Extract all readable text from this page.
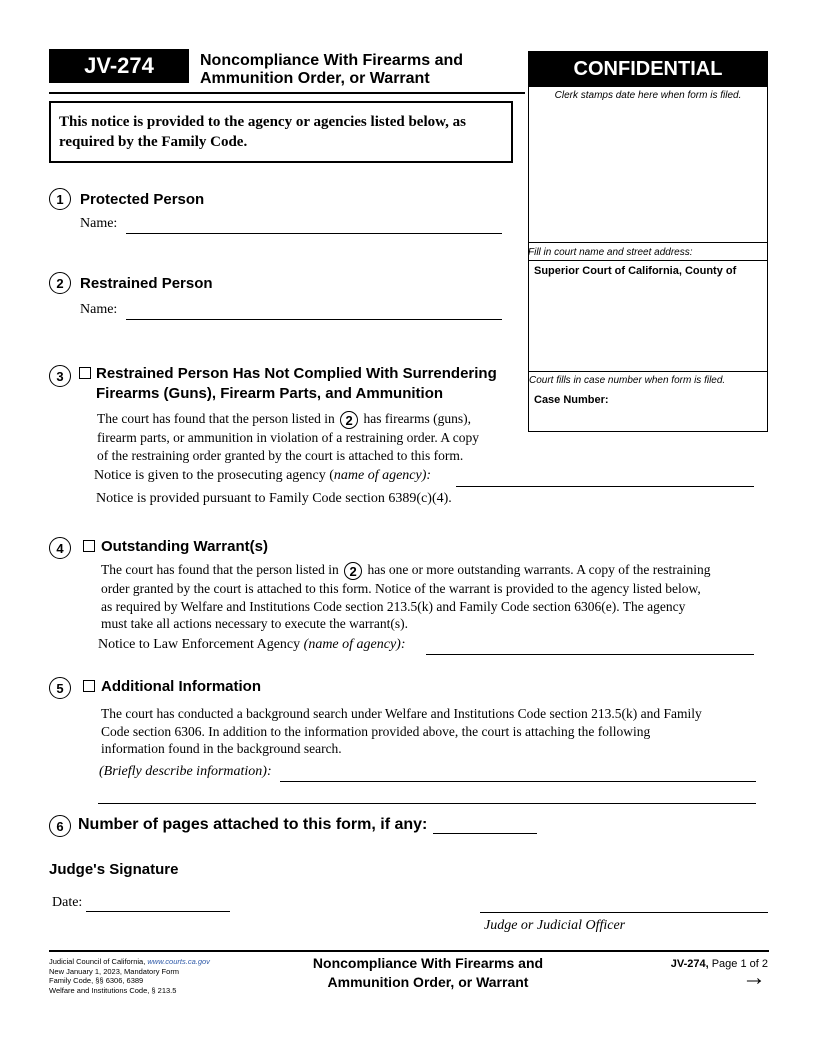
JV-274	Noncompliance With Firearms and
Ammunition Order, or Warrant	CONFIDENTIAL
Clerk stamps date here when form is filed.
Fill in court name and street address:
Superior Court of California, County of
Court fills in case number when form is filed.
Case Number:
This notice is provided to the agency or agencies listed below, as required by the Family Code.
1	Protected Person
Name:
2	Restrained Person
Name:
3	Restrained Person Has Not Complied With Surrendering
Firearms (Guns), Firearm Parts, and Ammunition
The court has found that the person listed in 2 has firearms (guns),
firearm parts, or ammunition in violation of a restraining order. A copy
of the restraining order granted by the court is attached to this form.
Notice is given to the prosecuting agency (name of agency):
Notice is provided pursuant to Family Code section 6389(c)(4).
4	Outstanding Warrant(s)
The court has found that the person listed in 2 has one or more outstanding warrants. A copy of the restraining
order granted by the court is attached to this form. Notice of the warrant is provided to the agency listed below,
as required by Welfare and Institutions Code section 213.5(k) and Family Code section 6306(e). The agency
must take all actions necessary to execute the warrant(s).
Notice to Law Enforcement Agency (name of agency):
5	Additional Information
The court has conducted a background search under Welfare and Institutions Code section 213.5(k) and Family
Code section 6306. In addition to the information provided above, the court is attaching the following
information found in the background search.
(Briefly describe information):
6 Number of pages attached to this form, if any:
Judge's Signature
Date:
Judge or Judicial Officer
Judicial Council of California, www.courts.ca.gov
New January 1, 2023, Mandatory Form
Family Code, §§ 6306, 6389
Welfare and Institutions Code, § 213.5
Noncompliance With Firearms and
Ammunition Order, or Warrant
JV-274, Page 1 of 2
→
